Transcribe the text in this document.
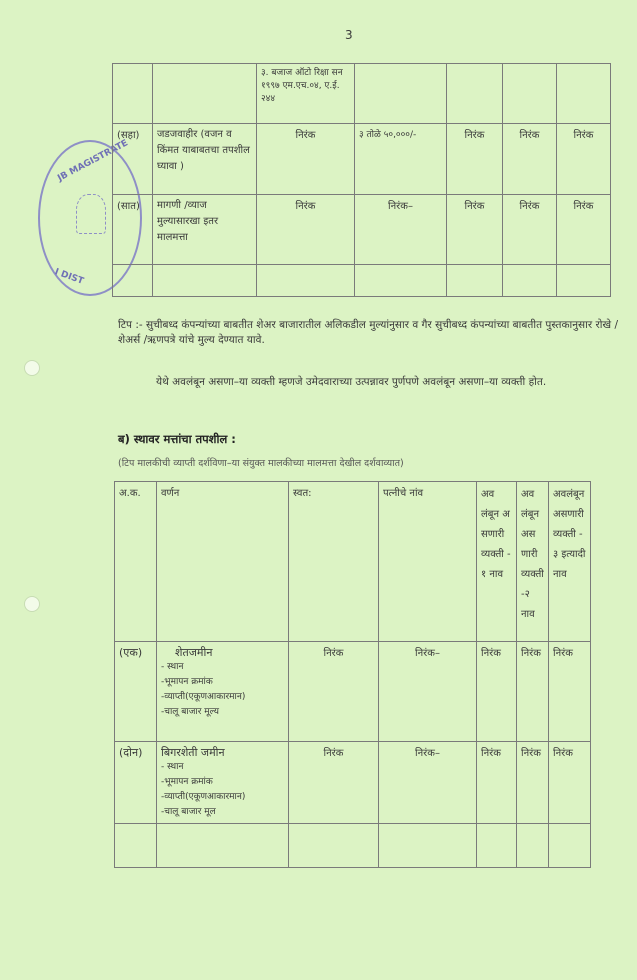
3
JB MAGISTRATE
I DIST
		३. बजाज ऑटो रिक्षा सन १९९७ एम.एच.०४, ए.ई. २४४				
(सहा)	जडजवाहीर (वजन व किंमत याबाबतचा तपशील घ्यावा )	निरंक	३ तोळे ५०,०००/-	निरंक	निरंक	निरंक
(सात)	मागणी /व्याज मुल्यासारखा इतर मालमत्ता	निरंक	निरंक–	निरंक	निरंक	निरंक

टिप :- सुचीबध्द कंपन्यांच्या बाबतीत शेअर बाजारातील अलिकडील मुल्यांनुसार व गैर सुचीबध्द कंपन्यांच्या बाबतीत पुस्तकानुसार रोखे /शेअर्स /ऋणपत्रे यांचे मुल्य देण्यात यावे.
येथे अवलंबून असणा–या व्यक्ती म्हणजे उमेदवाराच्या उत्पन्नावर पुर्णपणे अवलंबून असणा–या व्यक्ती होत.
ब) स्थावर मत्तांचा तपशील :
(टिप मालकीची व्याप्ती दर्शविणा–या संयुक्त मालकीच्या मालमत्ता देखील दर्शवाव्यात)
अ.क.	वर्णन	स्वत:	पत्नीचे नांव	अवलंबून असणारी व्यक्ती -१ नाव	अवलंबून असणारी व्यक्ती -२ नाव	अवलंबून असणारी व्यक्ती -३ इत्यादी नाव
(एक)	शेतजमीन
- स्थान
-भूमापन क्रमांक
-व्याप्ती(एकूणआकारमान)
-चालू बाजार मूल्य	निरंक	निरंक–	निरंक	निरंक	निरंक
(दोन)	बिगरशेती जमीन
- स्थान
-भूमापन क्रमांक
-व्याप्ती(एकूणआकारमान)
-चालू बाजार मूल	निरंक	निरंक–	निरंक	निरंक	निरंक
